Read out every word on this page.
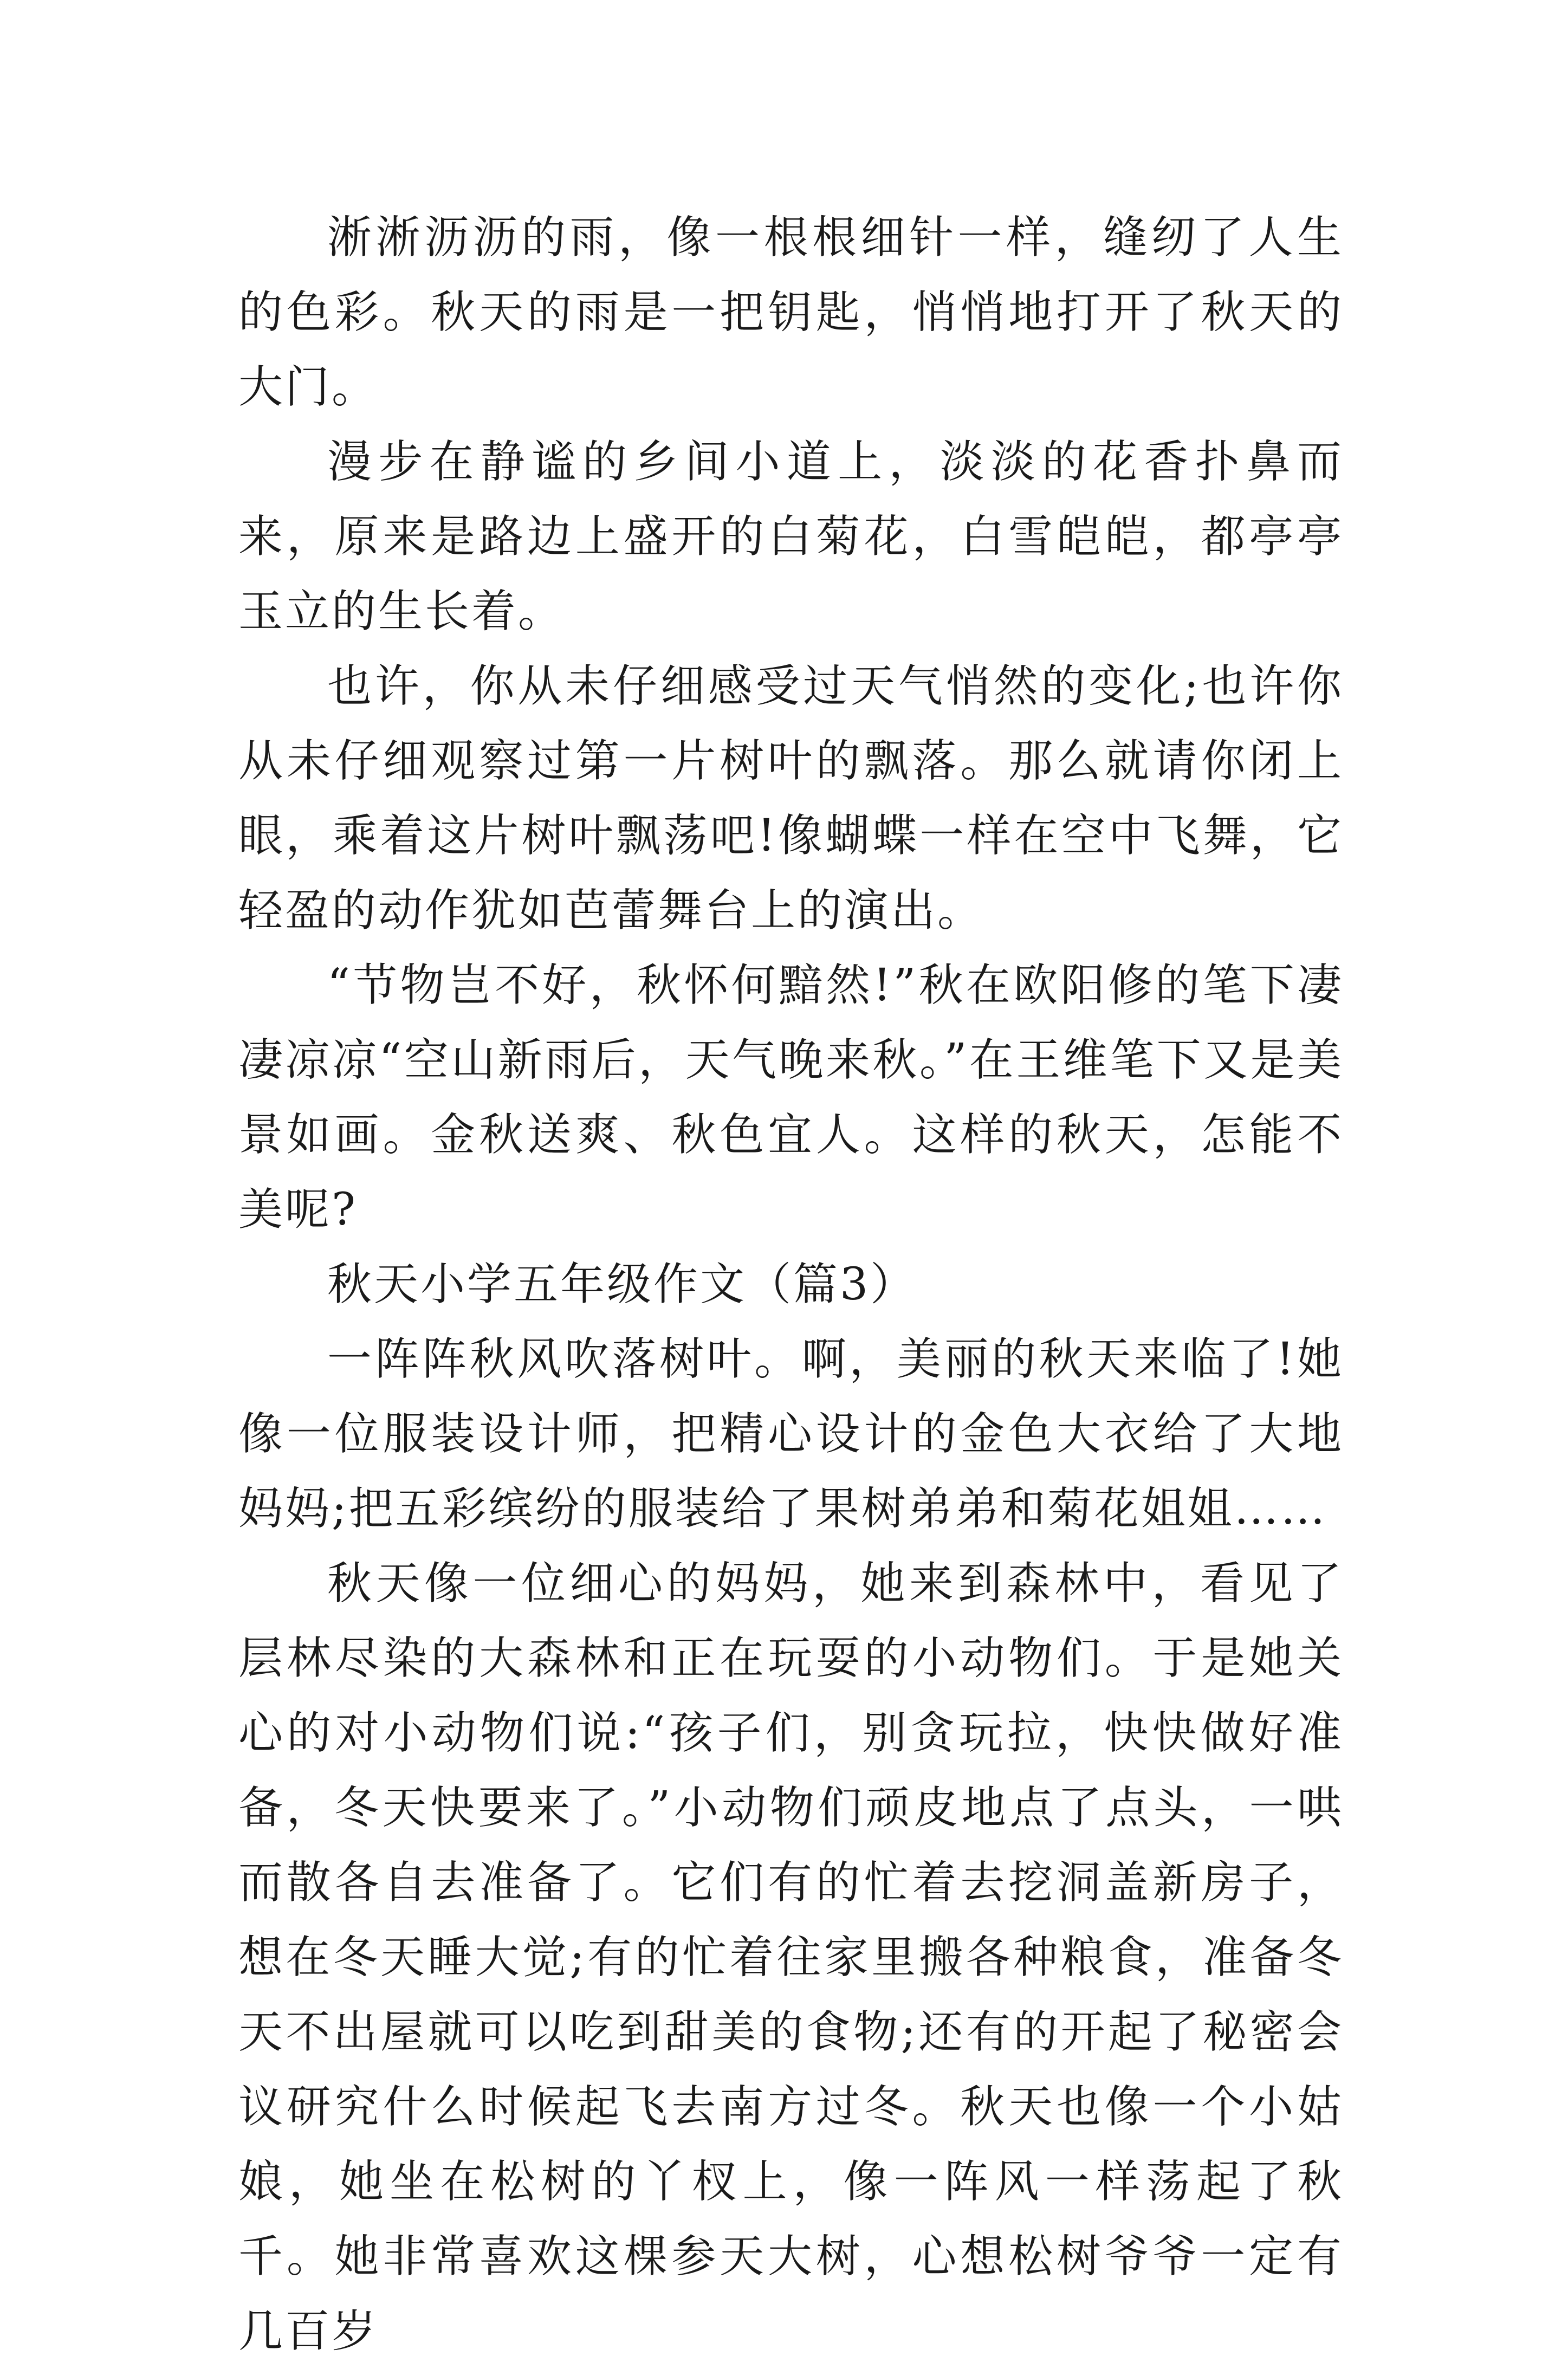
淅淅沥沥的雨，像一根根细针一样，缝纫了人生的色彩。秋天的雨是一把钥匙，悄悄地打开了秋天的大门。

漫步在静谧的乡间小道上，淡淡的花香扑鼻而来，原来是路边上盛开的白菊花，白雪皑皑，都亭亭玉立的生长着。

也许，你从未仔细感受过天气悄然的变化;也许你从未仔细观察过第一片树叶的飘落。那么就请你闭上眼，乘着这片树叶飘荡吧!像蝴蝶一样在空中飞舞，它轻盈的动作犹如芭蕾舞台上的演出。

“节物岂不好，秋怀何黯然!”秋在欧阳修的笔下凄凄凉凉“空山新雨后，天气晚来秋。”在王维笔下又是美景如画。金秋送爽、秋色宜人。这样的秋天，怎能不美呢?

秋天小学五年级作文（篇3）

一阵阵秋风吹落树叶。啊，美丽的秋天来临了!她像一位服装设计师，把精心设计的金色大衣给了大地妈妈;把五彩缤纷的服装给了果树弟弟和菊花姐姐……

秋天像一位细心的妈妈，她来到森林中，看见了层林尽染的大森林和正在玩耍的小动物们。于是她关心的对小动物们说:“孩子们，别贪玩拉，快快做好准备，冬天快要来了。”小动物们顽皮地点了点头，一哄而散各自去准备了。它们有的忙着去挖洞盖新房子，想在冬天睡大觉;有的忙着往家里搬各种粮食，准备冬天不出屋就可以吃到甜美的食物;还有的开起了秘密会议研究什么时候起飞去南方过冬。秋天也像一个小姑娘，她坐在松树的丫杈上，像一阵风一样荡起了秋千。她非常喜欢这棵参天大树，心想松树爷爷一定有几百岁
